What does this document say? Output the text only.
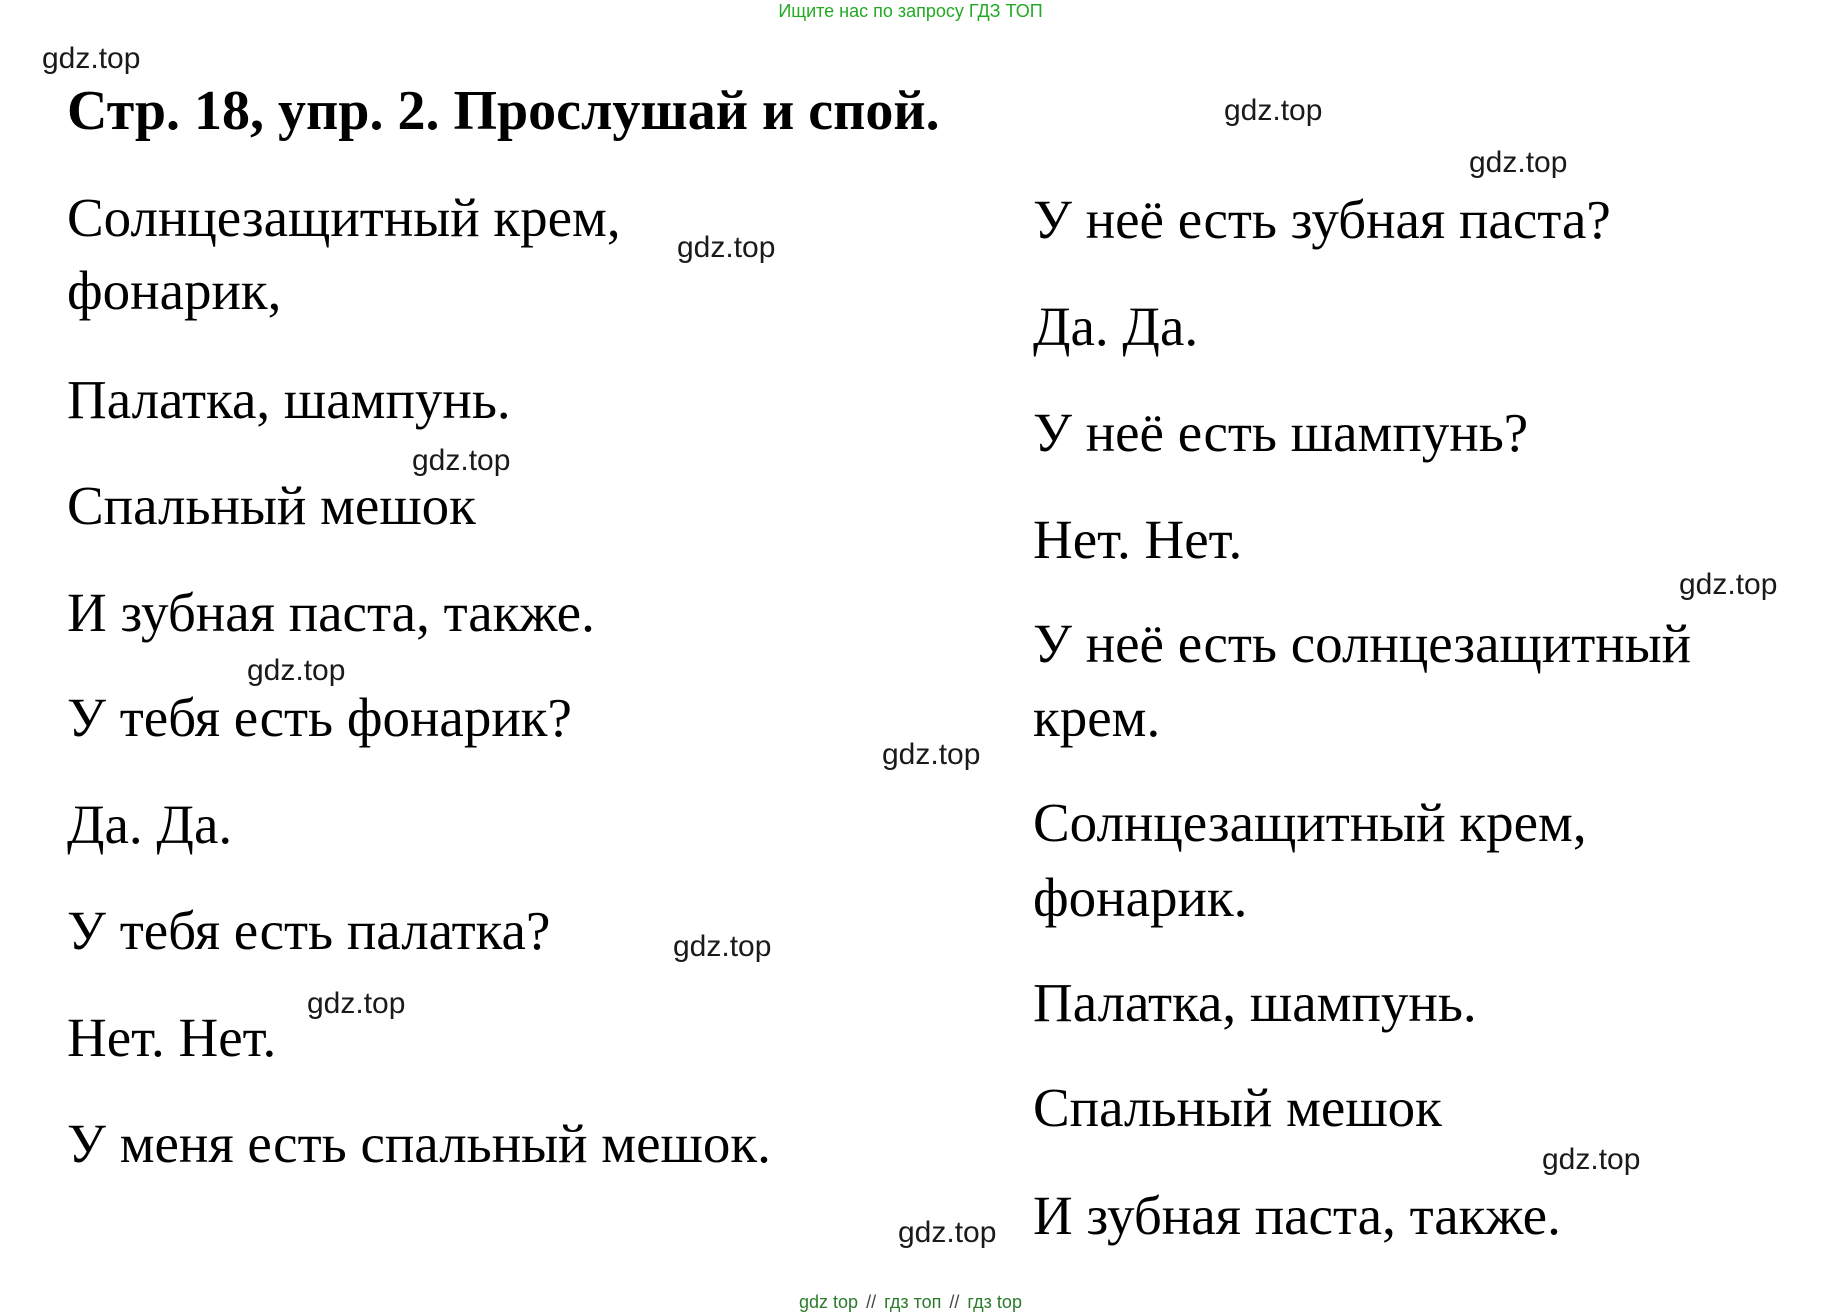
Ищите нас по запросу ГДЗ ТОП
Стр. 18, упр. 2. Прослушай и спой.
Солнцезащитный крем,
фонарик,
Палатка, шампунь.
Спальный мешок
И зубная паста, также.
У тебя есть фонарик?
Да. Да.
У тебя есть палатка?
Нет. Нет.
У меня есть спальный мешок.
У неё есть зубная паста?
Да. Да.
У неё есть шампунь?
Нет. Нет.
У неё есть солнцезащитный
крем.
Солнцезащитный крем,
фонарик.
Палатка, шампунь.
Спальный мешок
И зубная паста, также.
gdz.top
gdz.top
gdz.top
gdz.top
gdz.top
gdz.top
gdz.top
gdz.top
gdz.top
gdz.top
gdz.top
gdz.top
gdz top // гдз топ // гдз top
